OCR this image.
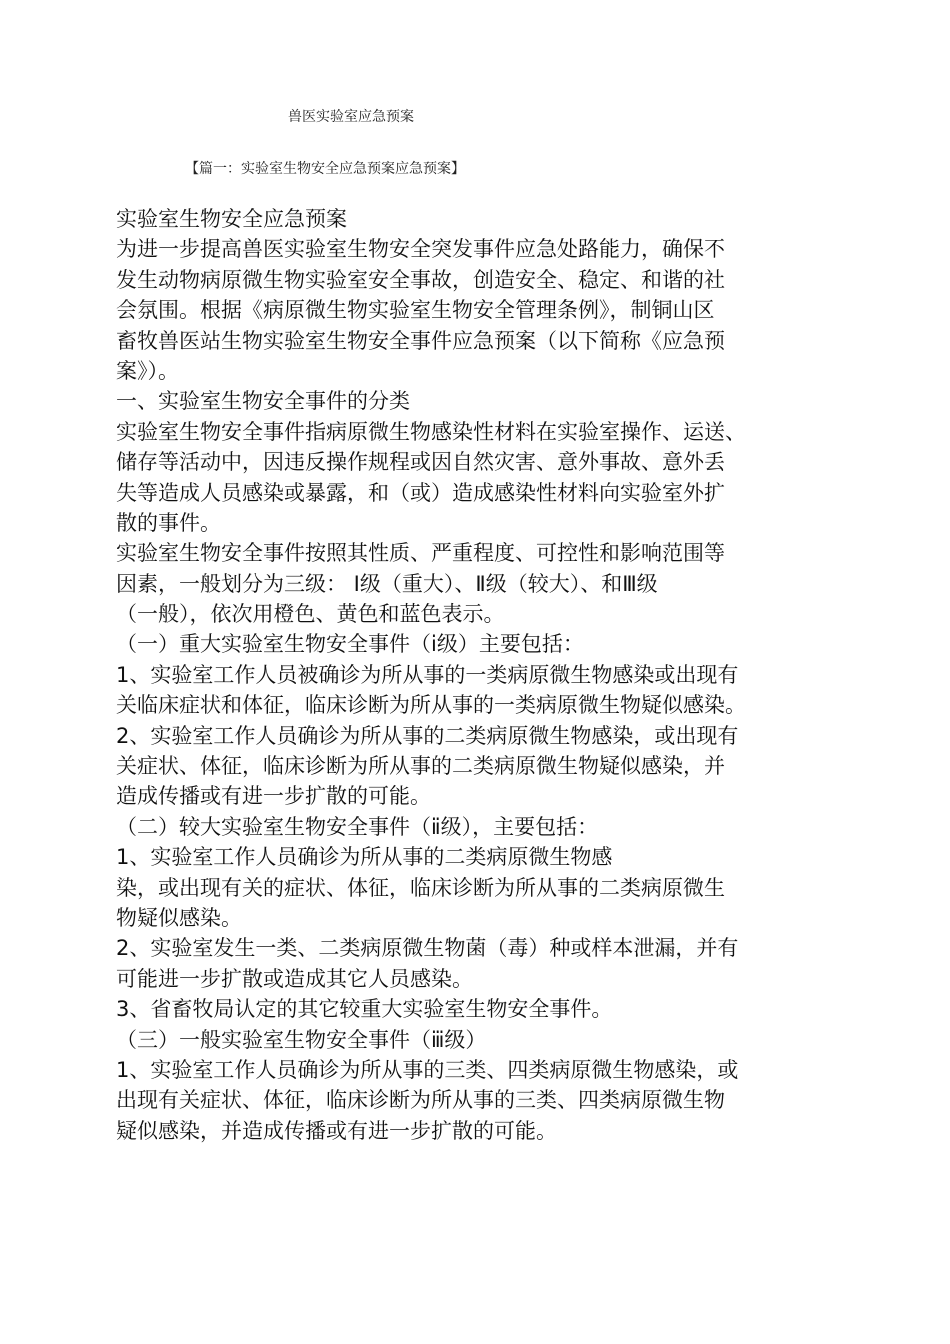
兽医实验室应急预案
【篇一：实验室生物安全应急预案应急预案】
实验室生物安全应急预案
为进一步提高兽医实验室生物安全突发事件应急处路能力，确保不
发生动物病原微生物实验室安全事故，创造安全、稳定、和谐的社
会氛围。根据《病原微生物实验室生物安全管理条例》，制铜山区
畜牧兽医站生物实验室生物安全事件应急预案（以下简称《应急预
案》）。
一、实验室生物安全事件的分类
实验室生物安全事件指病原微生物感染性材料在实验室操作、运送、
储存等活动中，因违反操作规程或因自然灾害、意外事故、意外丢
失等造成人员感染或暴露，和（或）造成感染性材料向实验室外扩
散的事件。
实验室生物安全事件按照其性质、严重程度、可控性和影响范围等
因素，一般划分为三级： Ⅰ级（重大）、Ⅱ级（较大）、和Ⅲ级
（一般），依次用橙色、黄色和蓝色表示。
（一）重大实验室生物安全事件（ⅰ级）主要包括：
1、实验室工作人员被确诊为所从事的一类病原微生物感染或出现有
关临床症状和体征，临床诊断为所从事的一类病原微生物疑似感染。
2、实验室工作人员确诊为所从事的二类病原微生物感染，或出现有
关症状、体征，临床诊断为所从事的二类病原微生物疑似感染，并
造成传播或有进一步扩散的可能。
（二）较大实验室生物安全事件（ⅱ级），主要包括：
1、实验室工作人员确诊为所从事的二类病原微生物感
染，或出现有关的症状、体征，临床诊断为所从事的二类病原微生
物疑似感染。
2、实验室发生一类、二类病原微生物菌（毒）种或样本泄漏，并有
可能进一步扩散或造成其它人员感染。
3、省畜牧局认定的其它较重大实验室生物安全事件。
（三）一般实验室生物安全事件（ⅲ级）
1、实验室工作人员确诊为所从事的三类、四类病原微生物感染，或
出现有关症状、体征，临床诊断为所从事的三类、四类病原微生物
疑似感染，并造成传播或有进一步扩散的可能。
